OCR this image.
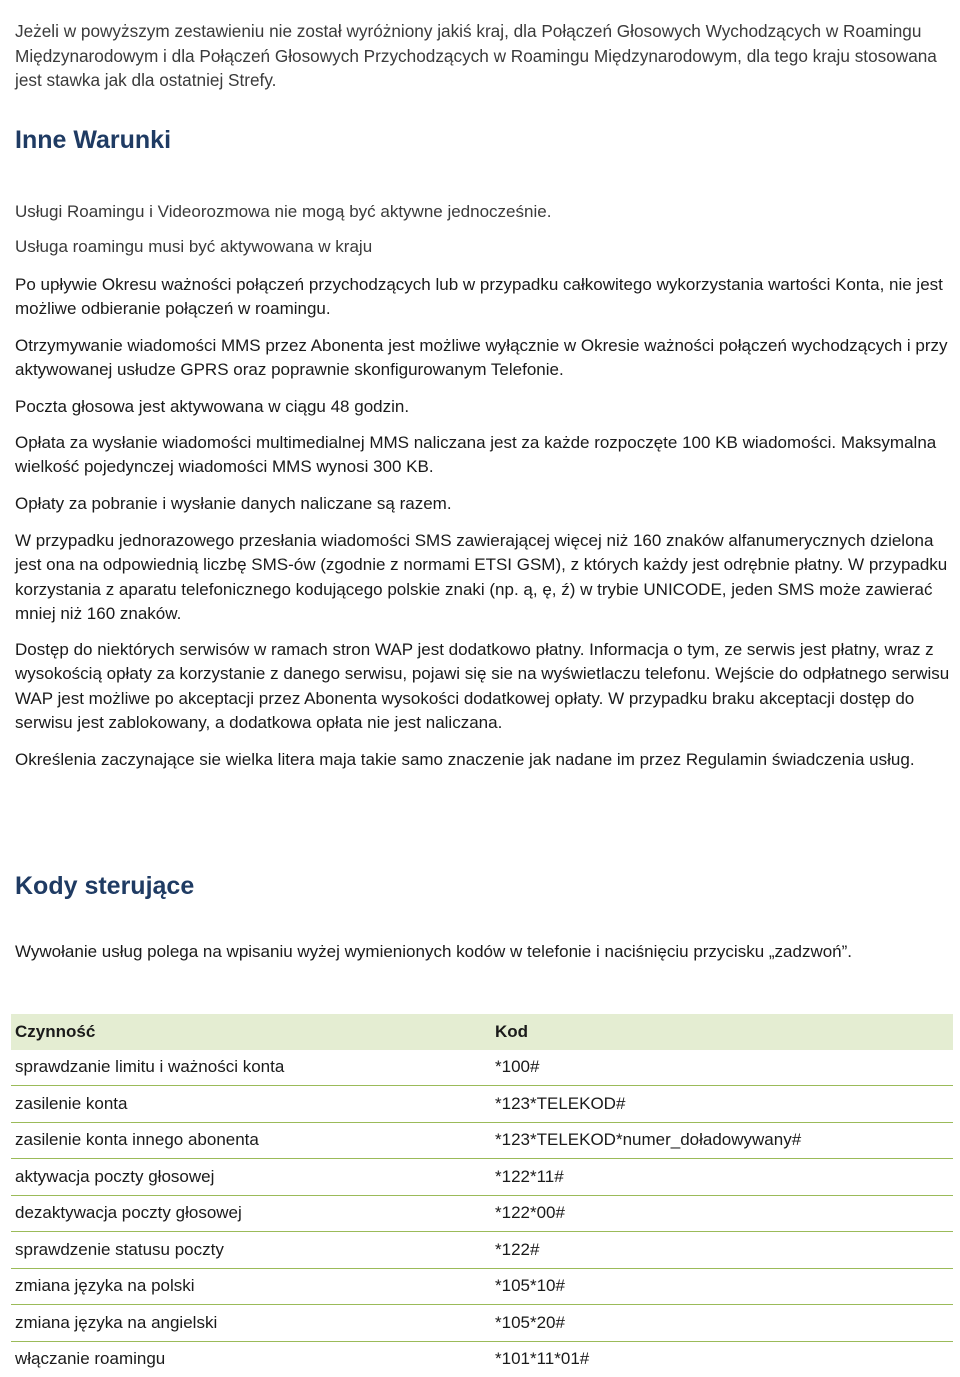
Jeżeli w powyższym zestawieniu nie został wyróżniony jakiś kraj, dla Połączeń Głosowych Wychodzących w Roamingu Międzynarodowym i dla Połączeń Głosowych Przychodzących w Roamingu Międzynarodowym, dla tego kraju stosowana jest stawka jak dla ostatniej Strefy.

Inne Warunki

Usługi Roamingu i Videorozmowa nie mogą być aktywne jednocześnie.

Usługa roamingu musi być aktywowana w kraju

Po upływie Okresu ważności połączeń przychodzących lub w przypadku całkowitego wykorzystania wartości Konta, nie jest możliwe odbieranie połączeń w roamingu.

Otrzymywanie wiadomości MMS przez Abonenta jest możliwe wyłącznie w Okresie ważności połączeń wychodzących i przy aktywowanej usłudze GPRS oraz poprawnie skonfigurowanym Telefonie.

Poczta głosowa jest aktywowana w ciągu 48 godzin.

Opłata za wysłanie wiadomości multimedialnej MMS naliczana jest za każde rozpoczęte 100 KB wiadomości. Maksymalna wielkość pojedynczej wiadomości MMS wynosi 300 KB.

Opłaty za pobranie i wysłanie danych naliczane są razem.

W przypadku jednorazowego przesłania wiadomości SMS zawierającej więcej niż 160 znaków alfanumerycznych dzielona jest ona na odpowiednią liczbę SMS-ów (zgodnie z normami ETSI GSM), z których każdy jest odrębnie płatny. W przypadku korzystania z aparatu telefonicznego kodującego polskie znaki (np. ą, ę, ź) w trybie UNICODE, jeden SMS może zawierać mniej niż 160 znaków.

Dostęp do niektórych serwisów w ramach stron WAP jest dodatkowo płatny. Informacja o tym, ze serwis jest płatny, wraz z wysokością opłaty za korzystanie z danego serwisu, pojawi się sie na wyświetlaczu telefonu. Wejście do odpłatnego serwisu WAP jest możliwe po akceptacji przez Abonenta wysokości dodatkowej opłaty. W przypadku braku akceptacji dostęp do serwisu jest zablokowany, a dodatkowa opłata nie jest naliczana.

Określenia zaczynające sie wielka litera maja takie samo znaczenie jak nadane im przez Regulamin świadczenia usług.

Kody sterujące

Wywołanie usług polega na wpisaniu wyżej wymienionych kodów w telefonie i naciśnięciu przycisku „zadzwoń”.

Czynność	Kod
sprawdzanie limitu i ważności konta	*100#
zasilenie konta	*123*TELEKOD#
zasilenie konta innego abonenta	*123*TELEKOD*numer_doładowywany#
aktywacja poczty głosowej	*122*11#
dezaktywacja poczty głosowej	*122*00#
sprawdzenie statusu poczty	*122#
zmiana języka na polski	*105*10#
zmiana języka na angielski	*105*20#
włączanie roamingu	*101*11*01#
